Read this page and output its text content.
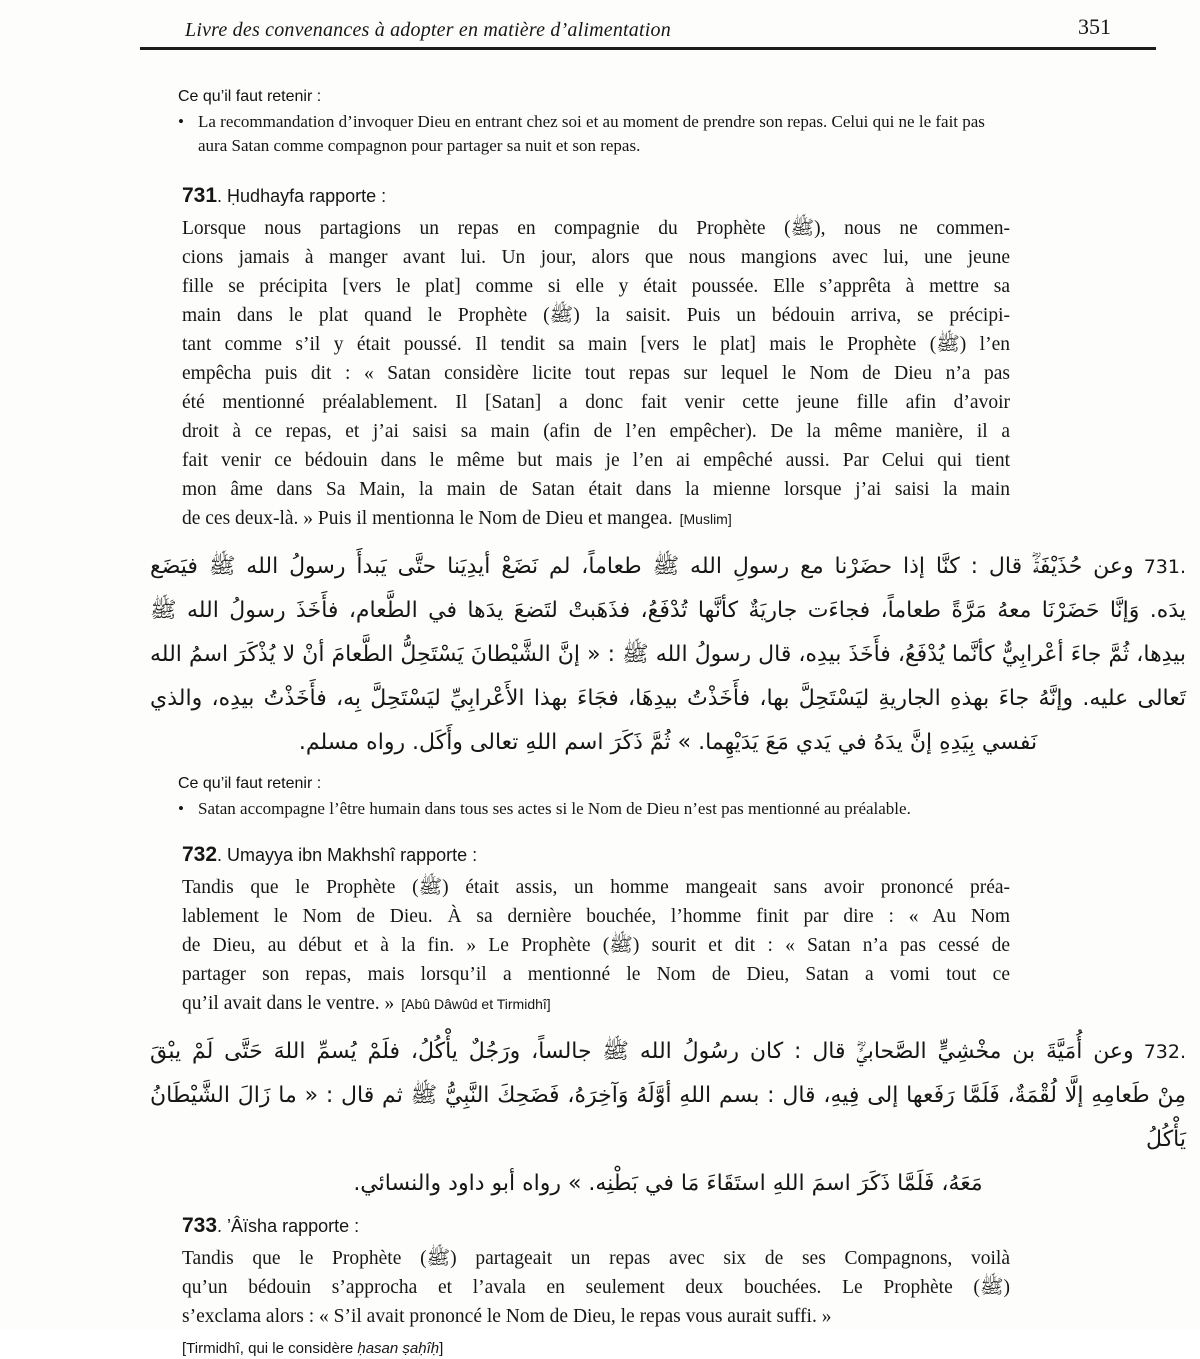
Livre des convenances à adopter en matière d’alimentation	351
Ce qu’il faut retenir :
• La recommandation d’invoquer Dieu en entrant chez soi et au moment de prendre son repas. Celui qui ne le fait pas aura Satan comme compagnon pour partager sa nuit et son repas.
731. Ḥudhayfa rapporte :
Lorsque nous partagions un repas en compagnie du Prophète (ﷺ), nous ne commen-
cions jamais à manger avant lui. Un jour, alors que nous mangions avec lui, une jeune
fille se précipita [vers le plat] comme si elle y était poussée. Elle s’apprêta à mettre sa
main dans le plat quand le Prophète (ﷺ) la saisit. Puis un bédouin arriva, se précipi-
tant comme s’il y était poussé. Il tendit sa main [vers le plat] mais le Prophète (ﷺ) l’en
empêcha puis dit : « Satan considère licite tout repas sur lequel le Nom de Dieu n’a pas
été mentionné préalablement. Il [Satan] a donc fait venir cette jeune fille afin d’avoir
droit à ce repas, et j’ai saisi sa main (afin de l’en empêcher). De la même manière, il a
fait venir ce bédouin dans le même but mais je l’en ai empêché aussi. Par Celui qui tient
mon âme dans Sa Main, la main de Satan était dans la mienne lorsque j’ai saisi la main
de ces deux-là. » Puis il mentionna le Nom de Dieu et mangea. [Muslim]
731.وعن حُذَيْفَةَؓ قال : كنَّا إذا حضَرْنا مع رسولِ الله ﷺ طعاماً، لم نَضَعْ أيدِيَنا حتَّى يَبدأَ رسولُ الله ﷺ فيَضَع
يدَه. وَإنَّا حَضَرْنَا معهُ مَرَّةً طعاماً، فجاءَت جاريَةٌ كأنَّها تُدْفَعُ، فذَهَبتْ لتَضعَ يدَها في الطَّعام، فأَخَذَ رسولُ الله ﷺ
بيدِها، ثُمَّ جاءَ أعْرابِيٌّ كأنَّما يُدْفَعُ، فأَخَذَ بيدِه، قال رسولُ الله ﷺ : « إنَّ الشَّيْطانَ يَسْتَحِلُّ الطَّعامَ أنْ لا يُذْكَرَ اسمُ الله
تَعالى عليه. وإنَّهُ جاءَ بهذهِ الجاريةِ ليَسْتَحِلَّ بها، فأَخَذْتُ بيدِهَا، فجَاءَ بهذا الأَعْرابِيِّ ليَسْتَحِلَّ بِه، فأَخَذْتُ بيدِه، والذي
نَفسي بِيَدِهِ إنَّ يدَهُ في يَدي مَعَ يَدَيْهِما. » ثُمَّ ذَكَرَ اسم اللهِ تعالى وأَكَل. رواه مسلم.
Ce qu’il faut retenir :
• Satan accompagne l’être humain dans tous ses actes si le Nom de Dieu n’est pas mentionné au préalable.
732. Umayya ibn Makhshî rapporte :
Tandis que le Prophète (ﷺ) était assis, un homme mangeait sans avoir prononcé préa-
lablement le Nom de Dieu. À sa dernière bouchée, l’homme finit par dire : « Au Nom
de Dieu, au début et à la fin. » Le Prophète (ﷺ) sourit et dit : « Satan n’a pas cessé de
partager son repas, mais lorsqu’il a mentionné le Nom de Dieu, Satan a vomi tout ce
qu’il avait dans le ventre. » [Abû Dâwûd et Tirmidhî]
732.وعن أُمَيَّةَ بن مخْشِيٍّ الصَّحابيِّؓ قال : كان رسُولُ الله ﷺ جالساً، ورَجُلٌ يأْكُلُ، فلَمْ يُسمِّ اللهَ حَتَّى لَمْ يبْقَ
مِنْ طَعامِهِ إلَّا لُقْمَةٌ، فَلَمَّا رَفَعها إلى فِيهِ، قال : بسم اللهِ أوَّلَهُ وَآخِرَهُ، فَضَحِكَ النَّبِيُّ ﷺ ثم قال : « ما زَالَ الشَّيْطَانُ يَأْكُلُ
مَعَهُ، فَلَمَّا ذَكَرَ اسمَ اللهِ استَقَاءَ مَا في بَطْنِه. » رواه أبو داود والنسائي.
733. ’Âïsha rapporte :
Tandis que le Prophète (ﷺ) partageait un repas avec six de ses Compagnons, voilà
qu’un bédouin s’approcha et l’avala en seulement deux bouchées. Le Prophète (ﷺ)
s’exclama alors : « S’il avait prononcé le Nom de Dieu, le repas vous aurait suffi. »
[Tirmidhî, qui le considère ḥasan ṣaḥîḥ]
